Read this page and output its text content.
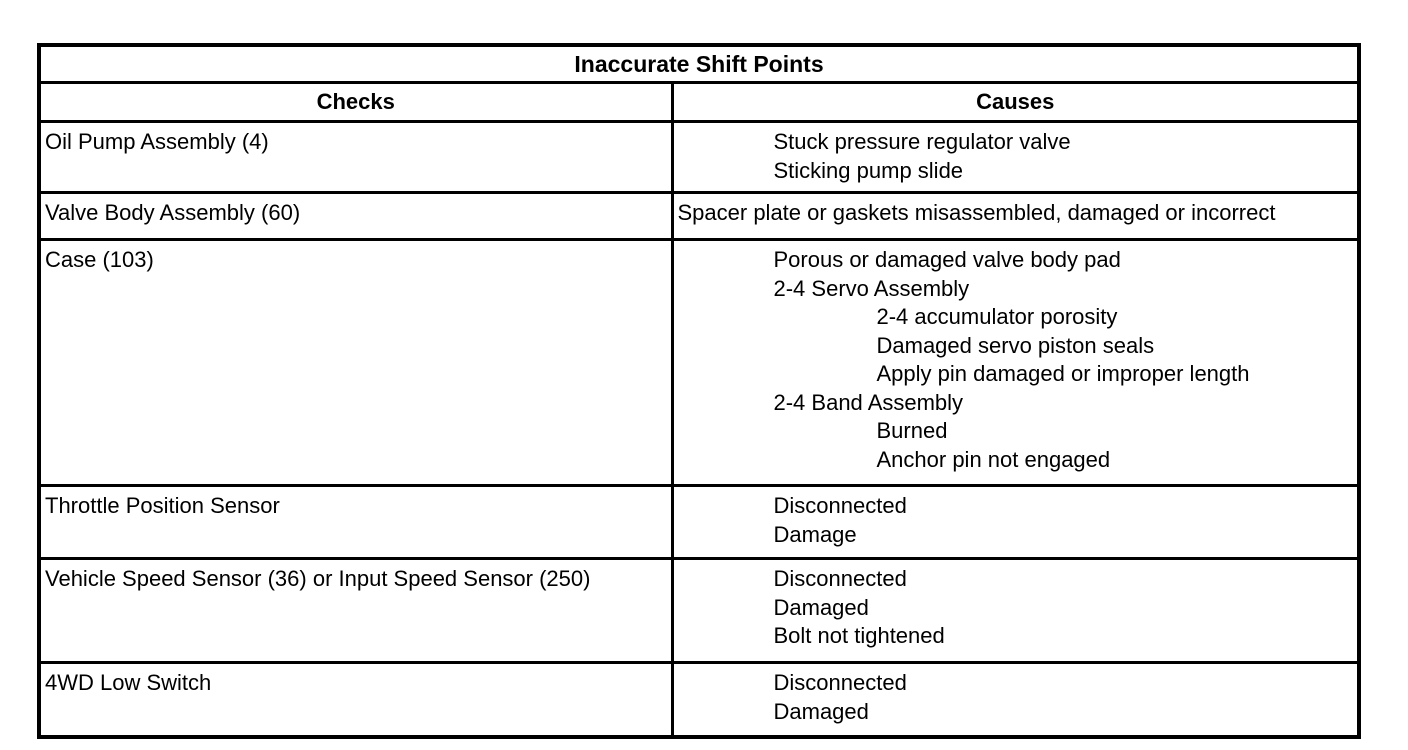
Inaccurate Shift Points	
Checks	Causes
Oil Pump Assembly (4)	Stuck pressure regulator valve
Sticking pump slide

Valve Body Assembly (60)	Spacer plate or gaskets misassembled, damaged or incorrect

Case (103)	Porous or damaged valve body pad
2-4 Servo Assembly
2-4 accumulator porosity
Damaged servo piston seals
Apply pin damaged or improper length
2-4 Band Assembly
Burned
Anchor pin not engaged

Throttle Position Sensor	Disconnected
Damage

Vehicle Speed Sensor (36) or Input Speed Sensor (250)	Disconnected
Damaged
Bolt not tightened

4WD Low Switch	Disconnected
Damaged
